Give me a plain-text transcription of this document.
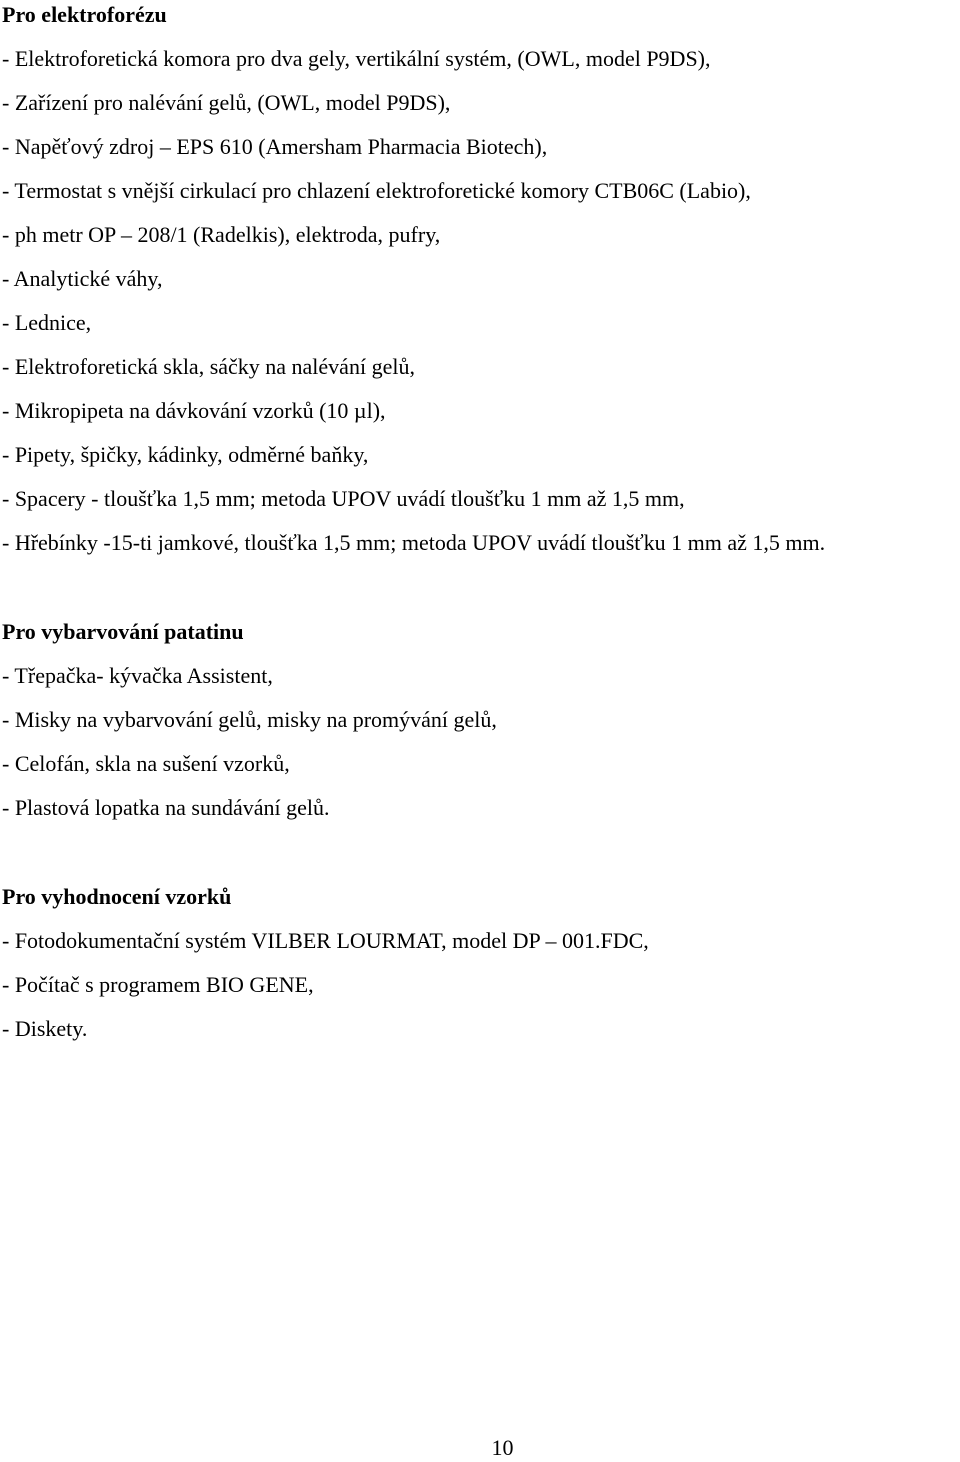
Pro elektroforézu
- Elektroforetická komora pro dva gely, vertikální systém, (OWL, model P9DS),
- Zařízení pro nalévání gelů, (OWL, model P9DS),
- Napěťový zdroj – EPS 610 (Amersham Pharmacia Biotech),
- Termostat s vnější cirkulací pro chlazení elektroforetické komory CTB06C (Labio),
- ph metr OP – 208/1 (Radelkis), elektroda, pufry,
- Analytické váhy,
- Lednice,
- Elektroforetická skla, sáčky na nalévání gelů,
- Mikropipeta na dávkování vzorků (10 µl),
- Pipety, špičky, kádinky, odměrné baňky,
- Spacery - tloušťka 1,5 mm; metoda UPOV uvádí tloušťku 1 mm až 1,5 mm,
- Hřebínky -15-ti jamkové, tloušťka 1,5 mm; metoda UPOV uvádí tloušťku 1 mm až 1,5 mm.
Pro vybarvování patatinu
- Třepačka- kývačka Assistent,
- Misky na vybarvování gelů, misky na promývání gelů,
- Celofán, skla na sušení vzorků,
- Plastová lopatka na sundávání gelů.
Pro vyhodnocení vzorků
- Fotodokumentační systém VILBER LOURMAT, model DP – 001.FDC,
- Počítač s programem BIO GENE,
- Diskety.
10
